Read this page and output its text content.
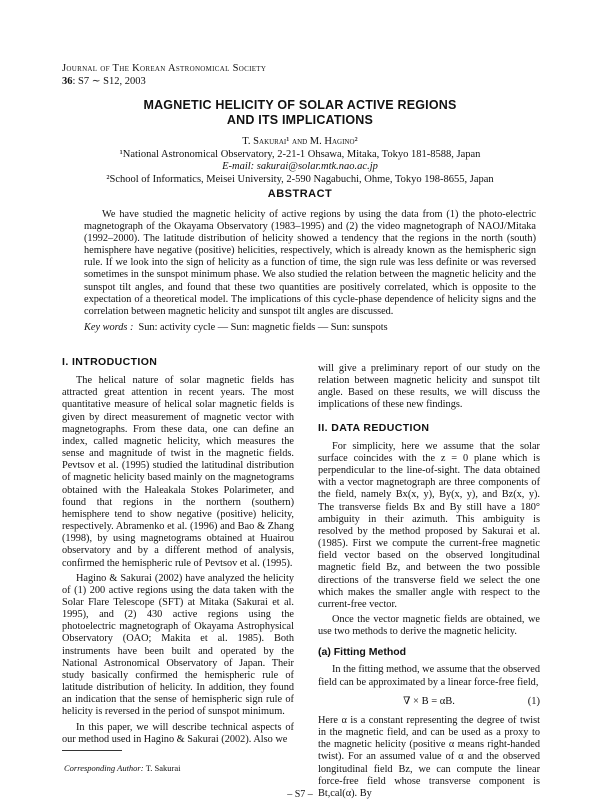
Journal of The Korean Astronomical Society
36: S7 ∼ S12, 2003
MAGNETIC HELICITY OF SOLAR ACTIVE REGIONS
AND ITS IMPLICATIONS
T. Sakurai¹ and M. Hagino²
¹National Astronomical Observatory, 2-21-1 Ohsawa, Mitaka, Tokyo 181-8588, Japan
E-mail: sakurai@solar.mtk.nao.ac.jp
²School of Informatics, Meisei University, 2-590 Nagabuchi, Ohme, Tokyo 198-8655, Japan
ABSTRACT
We have studied the magnetic helicity of active regions by using the data from (1) the photo-electric magnetograph of the Okayama Observatory (1983–1995) and (2) the video magnetograph of NAOJ/Mitaka (1992–2000). The latitude distribution of helicity showed a tendency that the regions in the north (south) hemisphere have negative (positive) helicities, respectively, which is already known as the hemispheric sign rule. If we look into the sign of helicity as a function of time, the sign rule was less definite or was reversed sometimes in the sunspot minimum phase. We also studied the relation between the magnetic helicity and the sunspot tilt angles, and found that these two quantities are positively correlated, which is opposite to the expectation of a theoretical model. The implications of this cycle-phase dependence of helicity signs and the correlation between magnetic helicity and sunspot tilt angles are discussed.
Key words : Sun: activity cycle — Sun: magnetic fields — Sun: sunspots
I. INTRODUCTION

The helical nature of solar magnetic fields has attracted great attention in recent years. The most quantitative measure of helical solar magnetic fields is given by direct measurement of magnetic vector with magnetographs. From these data, one can define an index, called magnetic helicity, which measures the sense and magnitude of twist in the magnetic fields. Pevtsov et al. (1995) studied the latitudinal distribution of magnetic helicity based mainly on the magnetograms obtained with the Haleakala Stokes Polarimeter, and found that regions in the northern (southern) hemisphere tend to show negative (positive) helicity, respectively. Abramenko et al. (1996) and Bao & Zhang (1998), by using magnetograms obtained at Huairou observatory and by a different method of analysis, confirmed the hemispheric rule of Pevtsov et al. (1995).

Hagino & Sakurai (2002) have analyzed the helicity of (1) 200 active regions using the data taken with the Solar Flare Telescope (SFT) at Mitaka (Sakurai et al. 1995), and (2) 430 active regions using the photoelectric magnetograph of Okayama Astrophysical Observatory (OAO; Makita et al. 1985). Both instruments have been built and operated by the National Astronomical Observatory of Japan. Their study basically confirmed the hemispheric rule of latitude distribution of helicity. In addition, they found an indication that the sense of hemispheric sign rule of helicity is reversed in the period of sunspot minimum.

In this paper, we will describe technical aspects of our method used in Hagino & Sakurai (2002). Also we

will give a preliminary report of our study on the relation between magnetic helicity and sunspot tilt angle. Based on these results, we will discuss the implications of these new findings.

II. DATA REDUCTION

For simplicity, here we assume that the solar surface coincides with the z = 0 plane which is perpendicular to the line-of-sight. The data obtained with a vector magnetograph are three components of the field, namely Bx(x, y), By(x, y), and Bz(x, y). The transverse fields Bx and By still have a 180° ambiguity in their azimuth. This ambiguity is resolved by the method proposed by Sakurai et al. (1985). First we compute the current-free magnetic field vector based on the observed longitudinal magnetic field Bz, and between the two possible directions of the transverse field we select the one which makes the smaller angle with respect to the current-free vector.

Once the vector magnetic fields are obtained, we use two methods to derive the magnetic helicity.

(a) Fitting Method

In the fitting method, we assume that the observed field can be approximated by a linear force-free field,

∇ × B = αB.	(1)

Here α is a constant representing the degree of twist in the magnetic field, and can be used as a proxy to the magnetic helicity (positive α means right-handed twist). For an assumed value of α and the observed longitudinal field Bz, we can compute the linear force-free field whose transverse component is Bt,cal(α). By

Corresponding Author: T. Sakurai
– S7 –
